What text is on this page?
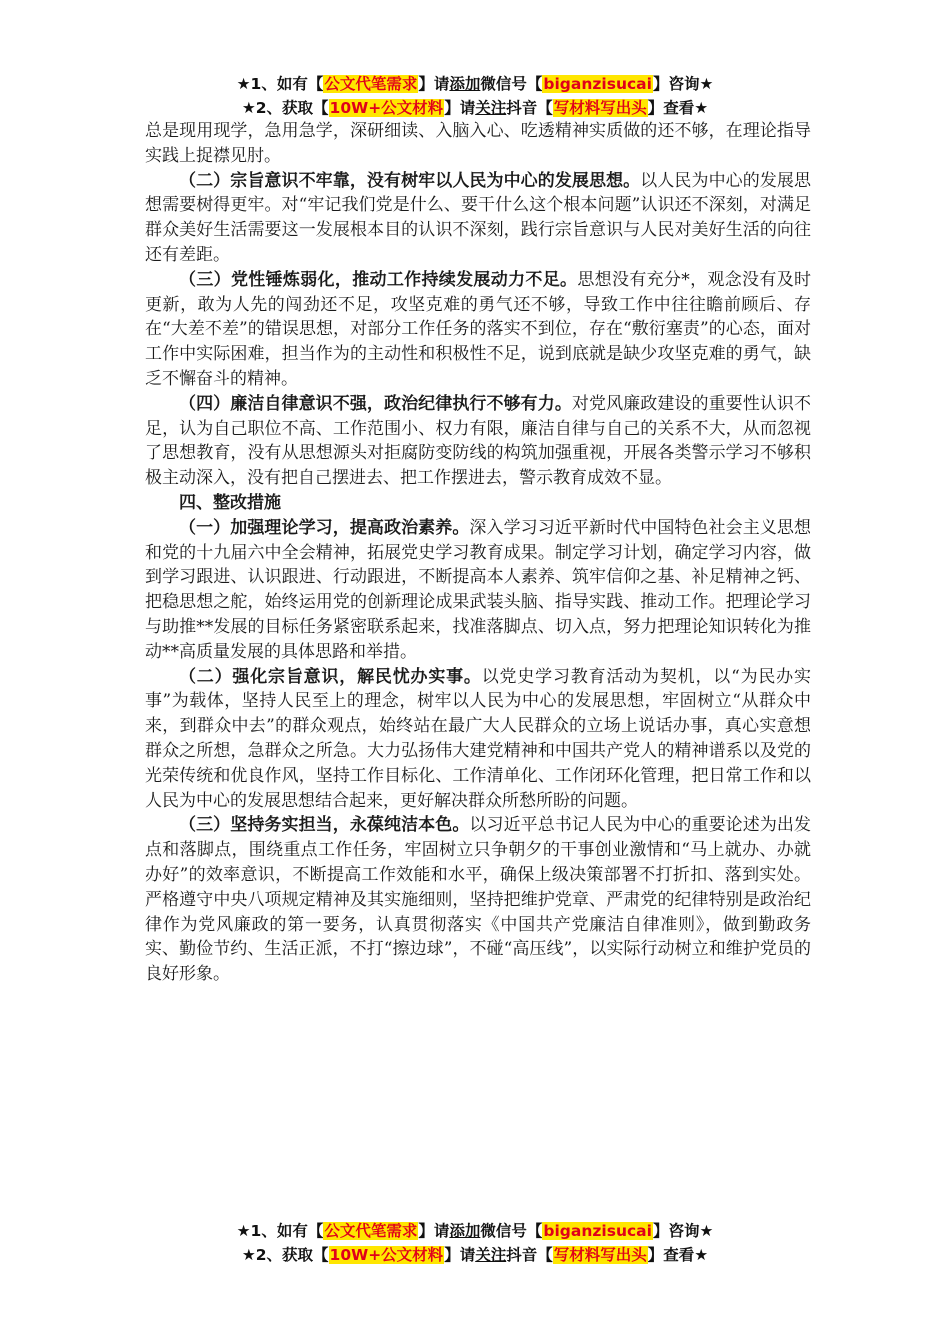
★1、如有【公文代笔需求】请添加微信号【biganzisucai】咨询★
★2、获取【10W+公文材料】请关注抖音【写材料写出头】查看★

总是现用现学，急用急学，深研细读、入脑入心、吃透精神实质做的还不够，在理论指导实践上捉襟见肘。

（二）宗旨意识不牢靠，没有树牢以人民为中心的发展思想。以人民为中心的发展思想需要树得更牢。对“牢记我们党是什么、要干什么这个根本问题”认识还不深刻，对满足群众美好生活需要这一发展根本目的认识不深刻，践行宗旨意识与人民对美好生活的向往还有差距。

（三）党性锤炼弱化，推动工作持续发展动力不足。思想没有充分*，观念没有及时更新，敢为人先的闯劲还不足，攻坚克难的勇气还不够，导致工作中往往瞻前顾后、存在“大差不差”的错误思想，对部分工作任务的落实不到位，存在“敷衍塞责”的心态，面对工作中实际困难，担当作为的主动性和积极性不足，说到底就是缺少攻坚克难的勇气，缺乏不懈奋斗的精神。

（四）廉洁自律意识不强，政治纪律执行不够有力。对党风廉政建设的重要性认识不足，认为自己职位不高、工作范围小、权力有限，廉洁自律与自己的关系不大，从而忽视了思想教育，没有从思想源头对拒腐防变防线的构筑加强重视，开展各类警示学习不够积极主动深入，没有把自己摆进去、把工作摆进去，警示教育成效不显。

四、整改措施

（一）加强理论学习，提高政治素养。深入学习习近平新时代中国特色社会主义思想和党的十九届六中全会精神，拓展党史学习教育成果。制定学习计划，确定学习内容，做到学习跟进、认识跟进、行动跟进，不断提高本人素养、筑牢信仰之基、补足精神之钙、把稳思想之舵，始终运用党的创新理论成果武装头脑、指导实践、推动工作。把理论学习与助推**发展的目标任务紧密联系起来，找准落脚点、切入点，努力把理论知识转化为推动**高质量发展的具体思路和举措。

（二）强化宗旨意识，解民忧办实事。以党史学习教育活动为契机，以“为民办实事”为载体，坚持人民至上的理念，树牢以人民为中心的发展思想，牢固树立“从群众中来，到群众中去”的群众观点，始终站在最广大人民群众的立场上说话办事，真心实意想群众之所想，急群众之所急。大力弘扬伟大建党精神和中国共产党人的精神谱系以及党的光荣传统和优良作风，坚持工作目标化、工作清单化、工作闭环化管理，把日常工作和以人民为中心的发展思想结合起来，更好解决群众所愁所盼的问题。

（三）坚持务实担当，永葆纯洁本色。以习近平总书记人民为中心的重要论述为出发点和落脚点，围绕重点工作任务，牢固树立只争朝夕的干事创业激情和“马上就办、办就办好”的效率意识，不断提高工作效能和水平，确保上级决策部署不打折扣、落到实处。严格遵守中央八项规定精神及其实施细则，坚持把维护党章、严肃党的纪律特别是政治纪律作为党风廉政的第一要务，认真贯彻落实《中国共产党廉洁自律准则》，做到勤政务实、勤俭节约、生活正派，不打“擦边球”，不碰“高压线”，以实际行动树立和维护党员的良好形象。

★1、如有【公文代笔需求】请添加微信号【biganzisucai】咨询★
★2、获取【10W+公文材料】请关注抖音【写材料写出头】查看★
